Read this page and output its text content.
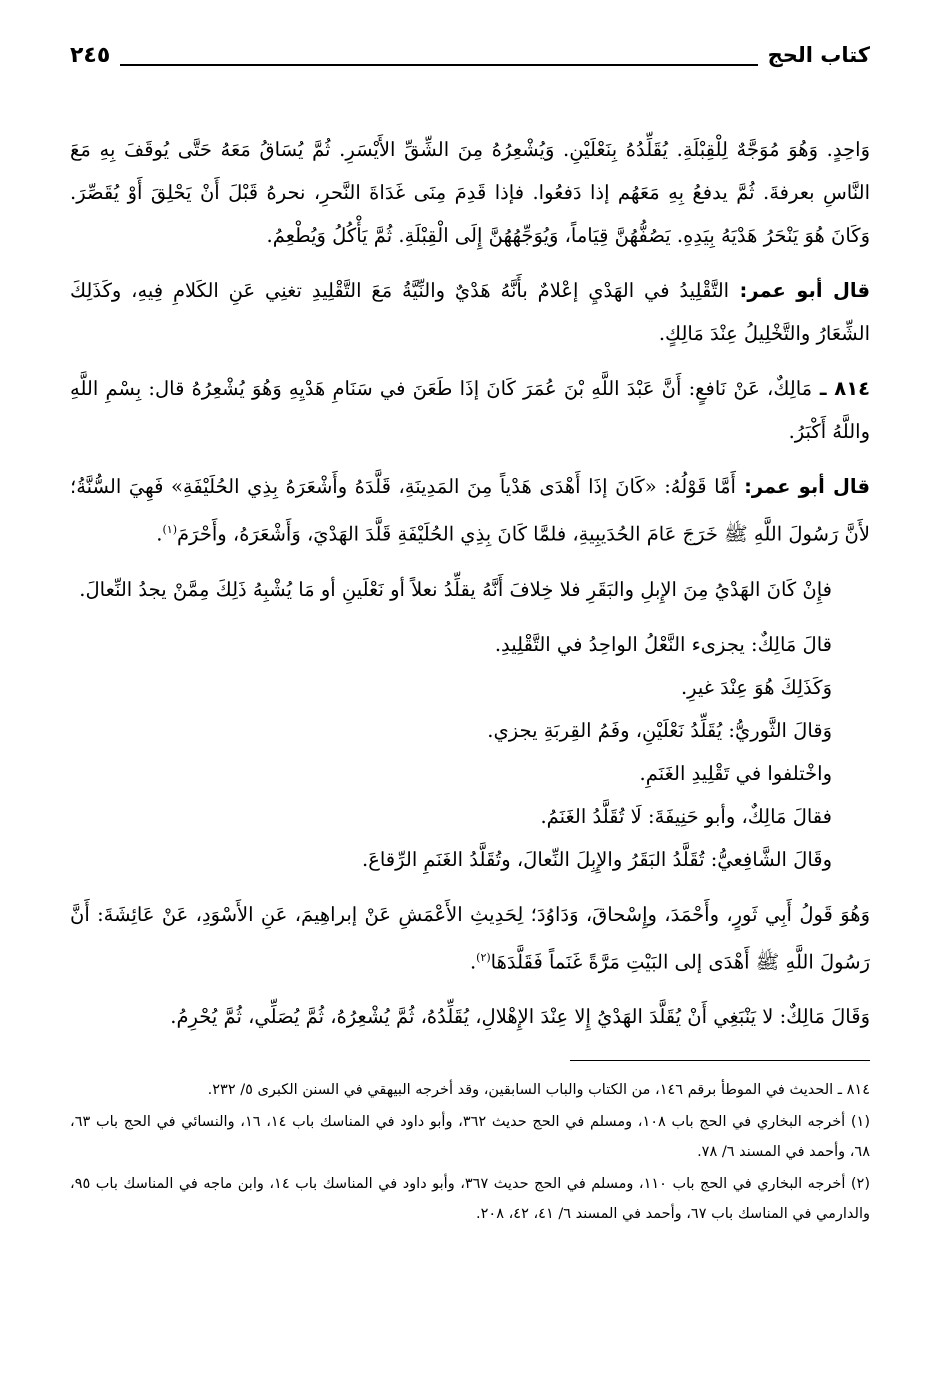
كتاب الحج
٢٤٥

وَاحِدٍ. وَهُوَ مُوَجَّهٌ لِلْقِبْلَةِ. يُقَلِّدُهُ بِنَعْلَيْنِ. وَيُشْعِرُهُ مِنَ الشِّقِّ الأَيْسَرِ. ثُمَّ يُسَاقُ مَعَهُ حَتَّى يُوقَفَ بِهِ مَعَ النَّاسِ بعرفةَ. ثُمَّ يدفعُ بِهِ مَعَهُم إذا دَفعُوا. فإذا قَدِمَ مِنَى غَدَاةَ النَّحرِ، نحرهُ قَبْلَ أَنْ يَحْلِقَ أَوْ يُقَصِّرَ. وَكَانَ هُوَ يَنْحَرُ هَدْيَهُ بِيَدِهِ. يَصُفُّهُنَّ قِيَاماً، وَيُوَجِّهُهُنَّ إِلَى الْقِبْلَةِ. ثُمَّ يَأْكُلُ وَيُطْعِمُ.

قال أبو عمر: التَّقْلِيدُ في الهَدْيِ إعْلامٌ بأَنَّهُ هَدْيٌ والنِّيَّةُ مَعَ التَّقْلِيدِ تغنِي عَنِ الكَلامِ فِيهِ، وكَذَلِكَ الشِّعَارُ والتَّخْلِيلُ عِنْدَ مَالِكٍ.

٨١٤ ـ مَالِكٌ، عَنْ نَافعٍ: أَنَّ عَبْدَ اللَّهِ بْنَ عُمَرَ كَانَ إذَا طَعَنَ في سَنَامِ هَدْيِهِ وَهُوَ يُشْعِرُهُ قال: بِسْمِ اللَّهِ واللَّهُ أَكْبَرُ.

قال أبو عمر: أَمَّا قَوْلُهُ: «كَانَ إذَا أَهْدَى هَدْياً مِنَ المَدِينَةِ، قَلَّدَهُ وأَشْعَرَهُ بِذِي الحُلَيْفَةِ» فَهِيَ السُّنَّةُ؛ لأَنَّ رَسُولَ اللَّهِ ﷺ خَرَجَ عَامَ الحُدَيبِيةِ، فلمَّا كَانَ بِذِي الحُلَيْفَةِ قَلَّدَ الهَدْيَ، وَأَشْعَرَهُ، وأَحْرَمَ$^{(١)}$.

فإِنْ كَانَ الهَدْيُ مِنَ الإِبلِ والبَقَرِ فلا خِلافَ أَنَّهُ يقلِّدُ نعلاً أو نَعْلَينِ أو مَا يُشْبِهُ ذَلِكَ مِمَّنْ يجدُ النِّعالَ.

قالَ مَالِكٌ: يجزىء النَّعْلُ الواحِدُ في التَّقْلِيدِ.

وَكَذَلِكَ هُوَ عِنْدَ غيرِ.

وَقالَ الثَّوريُّ: يُقَلِّدُ نَعْلَيْنِ، وفَمُ القِربَةِ يجزي.

واخْتلفوا في تَقْلِيدِ الغَنَمِ.

فقالَ مَالِكٌ، وأبو حَنِيفَةَ: لَا تُقَلَّدُ الغَنَمُ.

وقَالَ الشَّافِعيُّ: تُقَلَّدُ البَقَرُ والإِبِلَ النِّعالَ، وتُقَلَّدُ الغَنَمِ الرِّقاعَ.

وَهُوَ قَولُ أَبِي ثَورٍ، وأَحْمَدَ، وإِسْحاقَ، وَدَاوُدَ؛ لِحَدِيثِ الأَعْمَشِ عَنْ إبراهِيمَ، عَنِ الأَسْوَدِ، عَنْ عَائِشَةَ: أَنَّ رَسُولَ اللَّهِ ﷺ أَهْدَى إلى البَيْتِ مَرَّةً غَنَماً فَقَلَّدَهَا$^{(٢)}$.

وَقَالَ مَالِكٌ: لا يَنْبَغِي أَنْ يُقَلَّدَ الهَدْيُ إِلا عِنْدَ الإِهْلالِ، يُقَلِّدُهُ، ثُمَّ يُشْعِرُهُ، ثُمَّ يُصَلِّي، ثُمَّ يُحْرِمُ.

٨١٤ ـ الحديث في الموطأ برقم ١٤٦، من الكتاب والباب السابقين، وقد أخرجه البيهقي في السنن الكبرى ٥/ ٢٣٢.

(١) أخرجه البخاري في الحج باب ١٠٨، ومسلم في الحج حديث ٣٦٢، وأبو داود في المناسك باب ١٤، ١٦، والنسائي في الحج باب ٦٣، ٦٨، وأحمد في المسند ٦/ ٧٨.

(٢) أخرجه البخاري في الحج باب ١١٠، ومسلم في الحج حديث ٣٦٧، وأبو داود في المناسك باب ١٤، وابن ماجه في المناسك باب ٩٥، والدارمي في المناسك باب ٦٧، وأحمد في المسند ٦/ ٤١، ٤٢، ٢٠٨.
